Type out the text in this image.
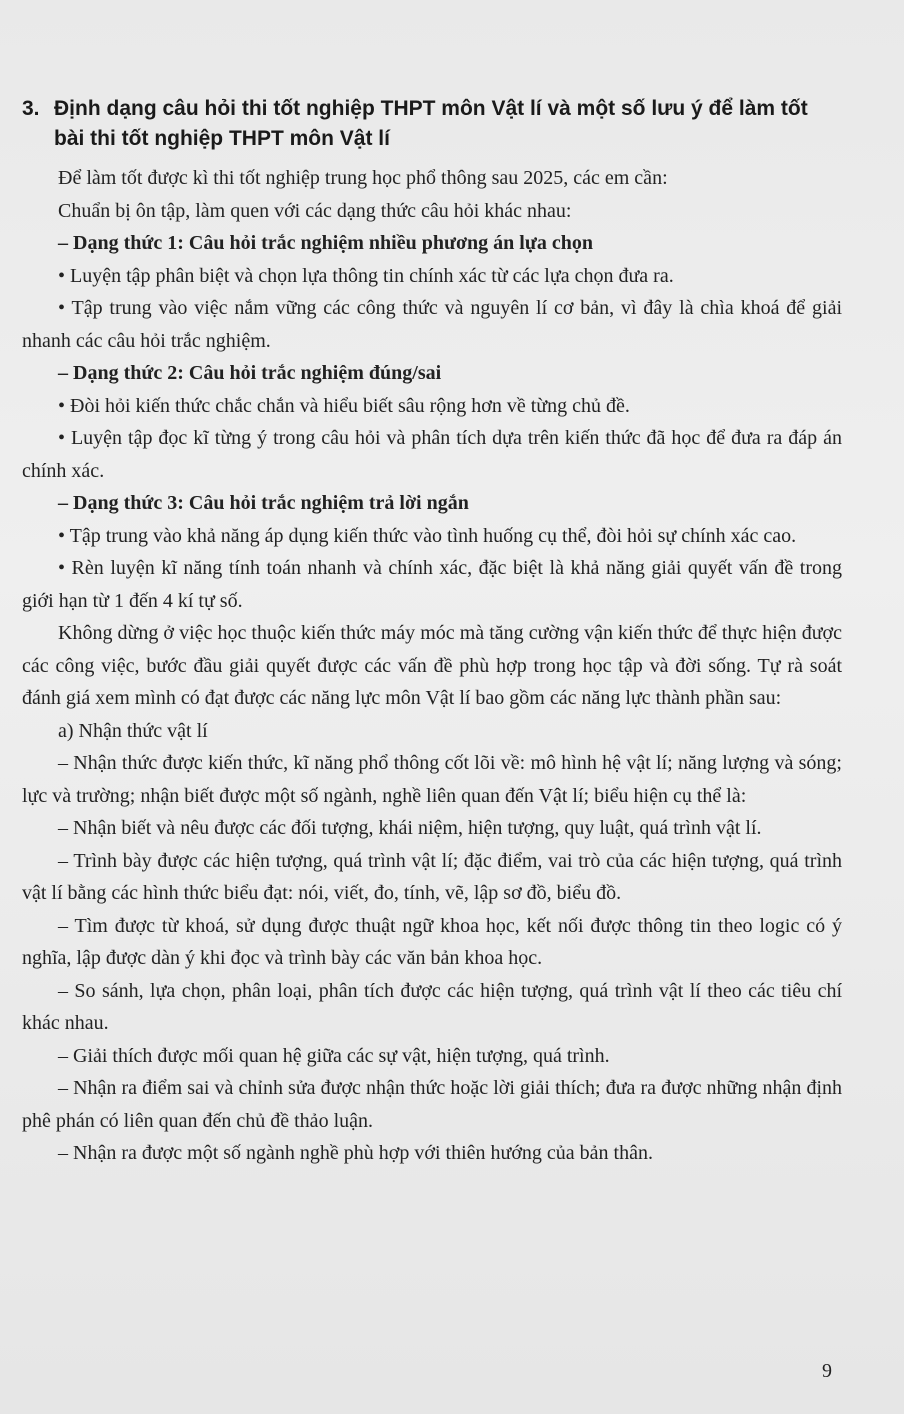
3. Định dạng câu hỏi thi tốt nghiệp THPT môn Vật lí và một số lưu ý để làm tốt
bài thi tốt nghiệp THPT môn Vật lí

Để làm tốt được kì thi tốt nghiệp trung học phổ thông sau 2025, các em cần:

Chuẩn bị ôn tập, làm quen với các dạng thức câu hỏi khác nhau:

– Dạng thức 1: Câu hỏi trắc nghiệm nhiều phương án lựa chọn

• Luyện tập phân biệt và chọn lựa thông tin chính xác từ các lựa chọn đưa ra.

• Tập trung vào việc nắm vững các công thức và nguyên lí cơ bản, vì đây là chìa khoá để giải nhanh các câu hỏi trắc nghiệm.

– Dạng thức 2: Câu hỏi trắc nghiệm đúng/sai

• Đòi hỏi kiến thức chắc chắn và hiểu biết sâu rộng hơn về từng chủ đề.

• Luyện tập đọc kĩ từng ý trong câu hỏi và phân tích dựa trên kiến thức đã học để đưa ra đáp án chính xác.

– Dạng thức 3: Câu hỏi trắc nghiệm trả lời ngắn

• Tập trung vào khả năng áp dụng kiến thức vào tình huống cụ thể, đòi hỏi sự chính xác cao.

• Rèn luyện kĩ năng tính toán nhanh và chính xác, đặc biệt là khả năng giải quyết vấn đề trong giới hạn từ 1 đến 4 kí tự số.

Không dừng ở việc học thuộc kiến thức máy móc mà tăng cường vận kiến thức để thực hiện được các công việc, bước đầu giải quyết được các vấn đề phù hợp trong học tập và đời sống. Tự rà soát đánh giá xem mình có đạt được các năng lực môn Vật lí bao gồm các năng lực thành phần sau:

a) Nhận thức vật lí

– Nhận thức được kiến thức, kĩ năng phổ thông cốt lõi về: mô hình hệ vật lí; năng lượng và sóng; lực và trường; nhận biết được một số ngành, nghề liên quan đến Vật lí; biểu hiện cụ thể là:

– Nhận biết và nêu được các đối tượng, khái niệm, hiện tượng, quy luật, quá trình vật lí.

– Trình bày được các hiện tượng, quá trình vật lí; đặc điểm, vai trò của các hiện tượng, quá trình vật lí bằng các hình thức biểu đạt: nói, viết, đo, tính, vẽ, lập sơ đồ, biểu đồ.

– Tìm được từ khoá, sử dụng được thuật ngữ khoa học, kết nối được thông tin theo logic có ý nghĩa, lập được dàn ý khi đọc và trình bày các văn bản khoa học.

– So sánh, lựa chọn, phân loại, phân tích được các hiện tượng, quá trình vật lí theo các tiêu chí khác nhau.

– Giải thích được mối quan hệ giữa các sự vật, hiện tượng, quá trình.

– Nhận ra điểm sai và chỉnh sửa được nhận thức hoặc lời giải thích; đưa ra được những nhận định phê phán có liên quan đến chủ đề thảo luận.

– Nhận ra được một số ngành nghề phù hợp với thiên hướng của bản thân.

9
